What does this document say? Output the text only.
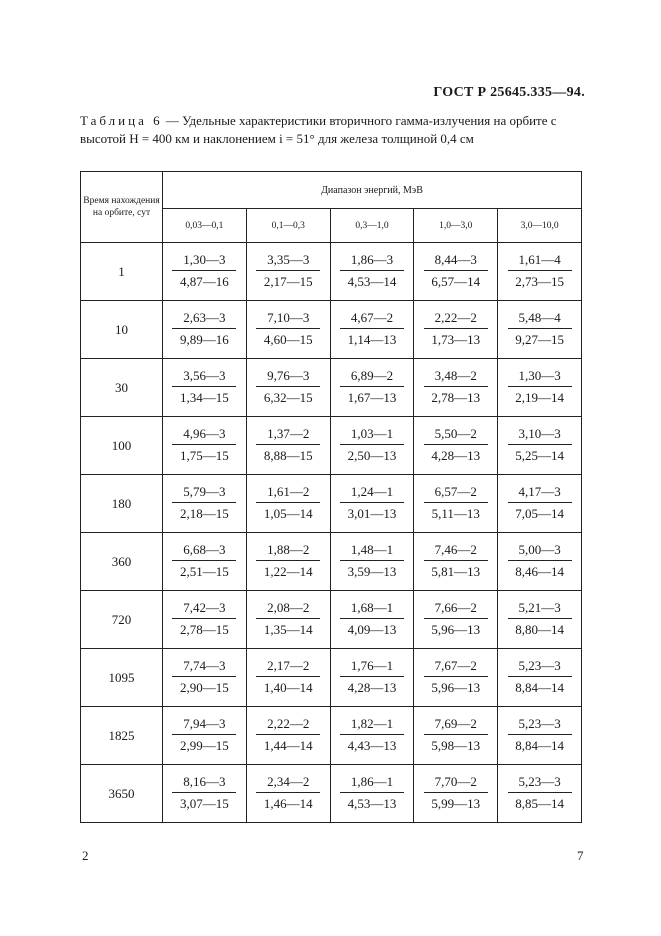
ГОСТ Р 25645.335—94.
Таблица 6 — Удельные характеристики вторичного гамма-излучения на орбите с высотой H = 400 км и наклонением i = 51° для железа толщиной 0,4 см
Время нахождения на орбите, сут	Диапазон энергий, МэВ				
	0,03—0,1	0,1—0,3	0,3—1,0	1,0—3,0	3,0—10,0
1	$\frac{1,30—3}{4,87—16}$	$\frac{3,35—3}{2,17—15}$	$\frac{1,86—3}{4,53—14}$	$\frac{8,44—3}{6,57—14}$	$\frac{1,61—4}{2,73—15}$

10	$\frac{2,63—3}{9,89—16}$	$\frac{7,10—3}{4,60—15}$	$\frac{4,67—2}{1,14—13}$	$\frac{2,22—2}{1,73—13}$	$\frac{5,48—4}{9,27—15}$

30	$\frac{3,56—3}{1,34—15}$	$\frac{9,76—3}{6,32—15}$	$\frac{6,89—2}{1,67—13}$	$\frac{3,48—2}{2,78—13}$	$\frac{1,30—3}{2,19—14}$

100	$\frac{4,96—3}{1,75—15}$	$\frac{1,37—2}{8,88—15}$	$\frac{1,03—1}{2,50—13}$	$\frac{5,50—2}{4,28—13}$	$\frac{3,10—3}{5,25—14}$

180	$\frac{5,79—3}{2,18—15}$	$\frac{1,61—2}{1,05—14}$	$\frac{1,24—1}{3,01—13}$	$\frac{6,57—2}{5,11—13}$	$\frac{4,17—3}{7,05—14}$

360	$\frac{6,68—3}{2,51—15}$	$\frac{1,88—2}{1,22—14}$	$\frac{1,48—1}{3,59—13}$	$\frac{7,46—2}{5,81—13}$	$\frac{5,00—3}{8,46—14}$

720	$\frac{7,42—3}{2,78—15}$	$\frac{2,08—2}{1,35—14}$	$\frac{1,68—1}{4,09—13}$	$\frac{7,66—2}{5,96—13}$	$\frac{5,21—3}{8,80—14}$

1095	$\frac{7,74—3}{2,90—15}$	$\frac{2,17—2}{1,40—14}$	$\frac{1,76—1}{4,28—13}$	$\frac{7,67—2}{5,96—13}$	$\frac{5,23—3}{8,84—14}$

1825	$\frac{7,94—3}{2,99—15}$	$\frac{2,22—2}{1,44—14}$	$\frac{1,82—1}{4,43—13}$	$\frac{7,69—2}{5,98—13}$	$\frac{5,23—3}{8,84—14}$

3650	$\frac{8,16—3}{3,07—15}$	$\frac{2,34—2}{1,46—14}$	$\frac{1,86—1}{4,53—13}$	$\frac{7,70—2}{5,99—13}$	$\frac{5,23—3}{8,85—14}$
2	7
